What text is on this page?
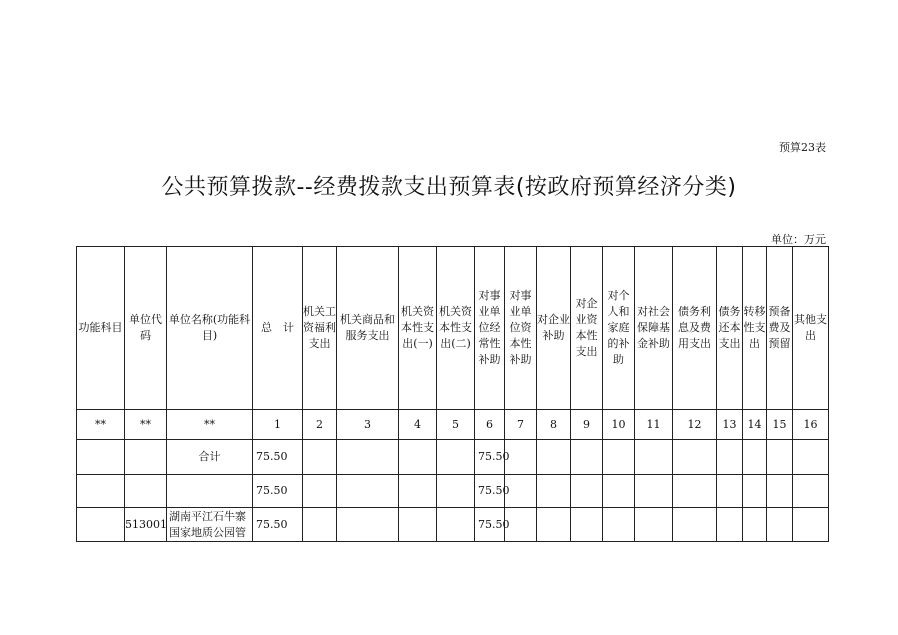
预算23表
公共预算拨款--经费拨款支出预算表(按政府预算经济分类)
单位：万元
功能科目	单位代码	单位名称(功能科目)	总　计	机关工资福利支出	机关商品和服务支出	机关资本性支出(一)	机关资本性支出(二)	对事业单位经常性补助	对事业单位资本性补助	对企业补助	对企业资本性支出	对个人和家庭的补助	对社会保障基金补助	债务利息及费用支出	债务还本支出	转移性支出	预备费及预留	其他支出
**	**	**	1	2	3	4	5	6	7	8	9	10	11	12	13	14	15	16
		合计	75.50					75.50										
			75.50					75.50										
	513001	湖南平江石牛寨国家地质公园管	75.50					75.50										
